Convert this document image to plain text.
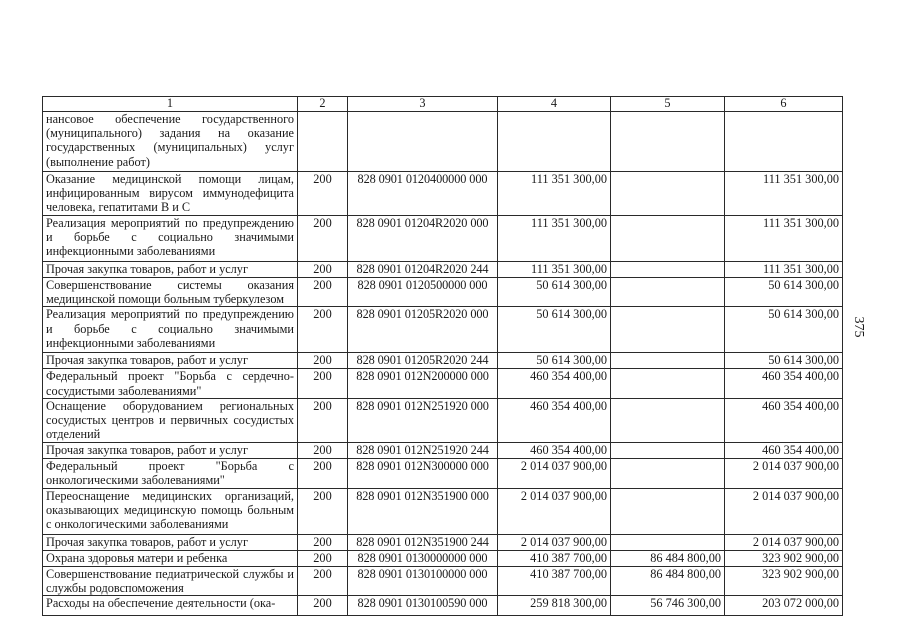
1	2	3	4	5	6
нансовое обеспечение государственного (муниципального) задания на оказание государственных (муниципальных) услуг (выполнение работ)					
Оказание медицинской помощи лицам, инфицированным вирусом иммунодефицита человека, гепатитами В и С	200	828 0901 0120400000 000	111 351 300,00		111 351 300,00
Реализация мероприятий по предупреждению и борьбе с социально значимыми инфекционными заболеваниями	200	828 0901 01204R2020 000	111 351 300,00		111 351 300,00
Прочая закупка товаров, работ и услуг	200	828 0901 01204R2020 244	111 351 300,00		111 351 300,00
Совершенствование системы оказания медицинской помощи больным туберкулезом	200	828 0901 0120500000 000	50 614 300,00		50 614 300,00
Реализация мероприятий по предупреждению и борьбе с социально значимыми инфекционными заболеваниями	200	828 0901 01205R2020 000	50 614 300,00		50 614 300,00
Прочая закупка товаров, работ и услуг	200	828 0901 01205R2020 244	50 614 300,00		50 614 300,00
Федеральный проект "Борьба с сердечно-сосудистыми заболеваниями"	200	828 0901 012N200000 000	460 354 400,00		460 354 400,00
Оснащение оборудованием региональных сосудистых центров и первичных сосудистых отделений	200	828 0901 012N251920 000	460 354 400,00		460 354 400,00
Прочая закупка товаров, работ и услуг	200	828 0901 012N251920 244	460 354 400,00		460 354 400,00
Федеральный проект "Борьба с онкологическими заболеваниями"	200	828 0901 012N300000 000	2 014 037 900,00		2 014 037 900,00
Переоснащение медицинских организаций, оказывающих медицинскую помощь больным с онкологическими заболеваниями	200	828 0901 012N351900 000	2 014 037 900,00		2 014 037 900,00
Прочая закупка товаров, работ и услуг	200	828 0901 012N351900 244	2 014 037 900,00		2 014 037 900,00
Охрана здоровья матери и ребенка	200	828 0901 0130000000 000	410 387 700,00	86 484 800,00	323 902 900,00
Совершенствование педиатрической службы и службы родовспоможения	200	828 0901 0130100000 000	410 387 700,00	86 484 800,00	323 902 900,00
Расходы на обеспечение деятельности (ока-	200	828 0901 0130100590 000	259 818 300,00	56 746 300,00	203 072 000,00
375
